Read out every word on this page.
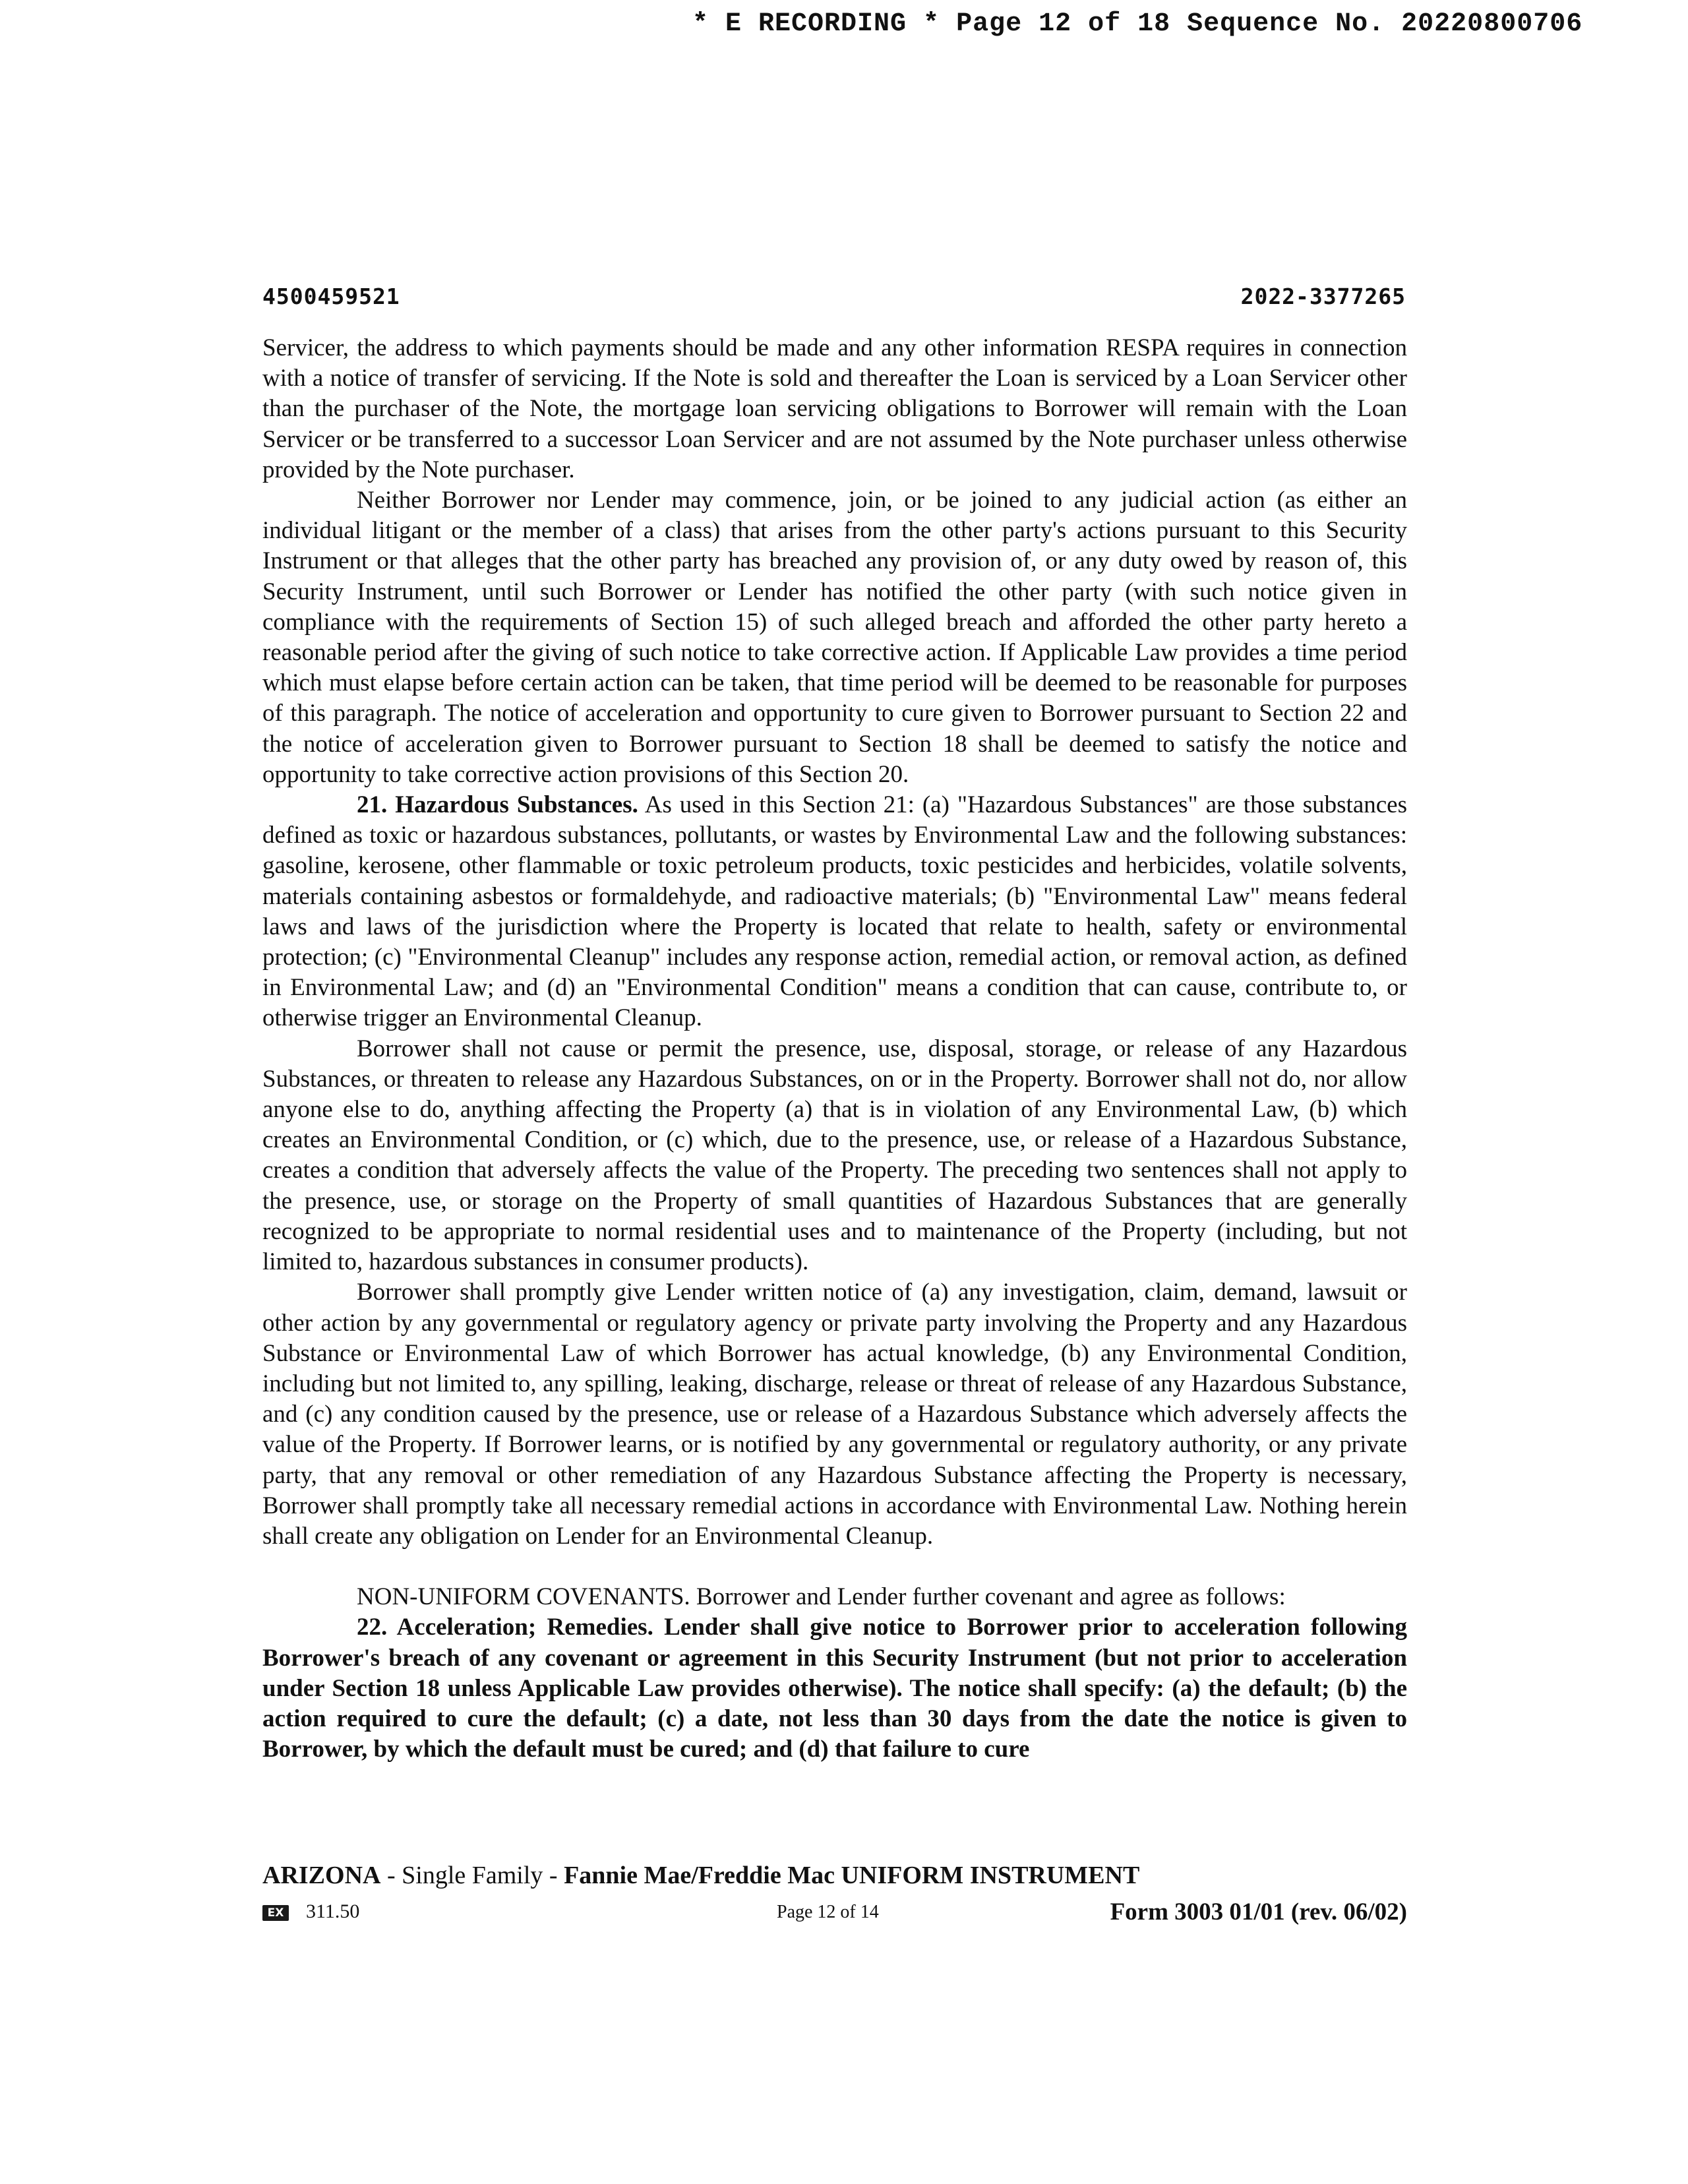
* E RECORDING * Page 12 of 18 Sequence No. 20220800706
4500459521	2022-3377265

Servicer, the address to which payments should be made and any other information RESPA requires in connection with a notice of transfer of servicing. If the Note is sold and thereafter the Loan is serviced by a Loan Servicer other than the purchaser of the Note, the mortgage loan servicing obligations to Borrower will remain with the Loan Servicer or be transferred to a successor Loan Servicer and are not assumed by the Note purchaser unless otherwise provided by the Note purchaser.

Neither Borrower nor Lender may commence, join, or be joined to any judicial action (as either an individual litigant or the member of a class) that arises from the other party's actions pursuant to this Security Instrument or that alleges that the other party has breached any provision of, or any duty owed by reason of, this Security Instrument, until such Borrower or Lender has notified the other party (with such notice given in compliance with the requirements of Section 15) of such alleged breach and afforded the other party hereto a reasonable period after the giving of such notice to take corrective action. If Applicable Law provides a time period which must elapse before certain action can be taken, that time period will be deemed to be reasonable for purposes of this paragraph. The notice of acceleration and opportunity to cure given to Borrower pursuant to Section 22 and the notice of acceleration given to Borrower pursuant to Section 18 shall be deemed to satisfy the notice and opportunity to take corrective action provisions of this Section 20.

21. Hazardous Substances. As used in this Section 21: (a) "Hazardous Substances" are those substances defined as toxic or hazardous substances, pollutants, or wastes by Environmental Law and the following substances: gasoline, kerosene, other flammable or toxic petroleum products, toxic pesticides and herbicides, volatile solvents, materials containing asbestos or formaldehyde, and radioactive materials; (b) "Environmental Law" means federal laws and laws of the jurisdiction where the Property is located that relate to health, safety or environmental protection; (c) "Environmental Cleanup" includes any response action, remedial action, or removal action, as defined in Environmental Law; and (d) an "Environmental Condition" means a condition that can cause, contribute to, or otherwise trigger an Environmental Cleanup.

Borrower shall not cause or permit the presence, use, disposal, storage, or release of any Hazardous Substances, or threaten to release any Hazardous Substances, on or in the Property. Borrower shall not do, nor allow anyone else to do, anything affecting the Property (a) that is in violation of any Environmental Law, (b) which creates an Environmental Condition, or (c) which, due to the presence, use, or release of a Hazardous Substance, creates a condition that adversely affects the value of the Property. The preceding two sentences shall not apply to the presence, use, or storage on the Property of small quantities of Hazardous Substances that are generally recognized to be appropriate to normal residential uses and to maintenance of the Property (including, but not limited to, hazardous substances in consumer products).

Borrower shall promptly give Lender written notice of (a) any investigation, claim, demand, lawsuit or other action by any governmental or regulatory agency or private party involving the Property and any Hazardous Substance or Environmental Law of which Borrower has actual knowledge, (b) any Environmental Condition, including but not limited to, any spilling, leaking, discharge, release or threat of release of any Hazardous Substance, and (c) any condition caused by the presence, use or release of a Hazardous Substance which adversely affects the value of the Property. If Borrower learns, or is notified by any governmental or regulatory authority, or any private party, that any removal or other remediation of any Hazardous Substance affecting the Property is necessary, Borrower shall promptly take all necessary remedial actions in accordance with Environmental Law. Nothing herein shall create any obligation on Lender for an Environmental Cleanup.

NON-UNIFORM COVENANTS. Borrower and Lender further covenant and agree as follows:

22. Acceleration; Remedies. Lender shall give notice to Borrower prior to acceleration following Borrower's breach of any covenant or agreement in this Security Instrument (but not prior to acceleration under Section 18 unless Applicable Law provides otherwise). The notice shall specify: (a) the default; (b) the action required to cure the default; (c) a date, not less than 30 days from the date the notice is given to Borrower, by which the default must be cured; and (d) that failure to cure

ARIZONA - Single Family - Fannie Mae/Freddie Mac UNIFORM INSTRUMENT
EX 311.50	Page 12 of 14	Form 3003 01/01 (rev. 06/02)
